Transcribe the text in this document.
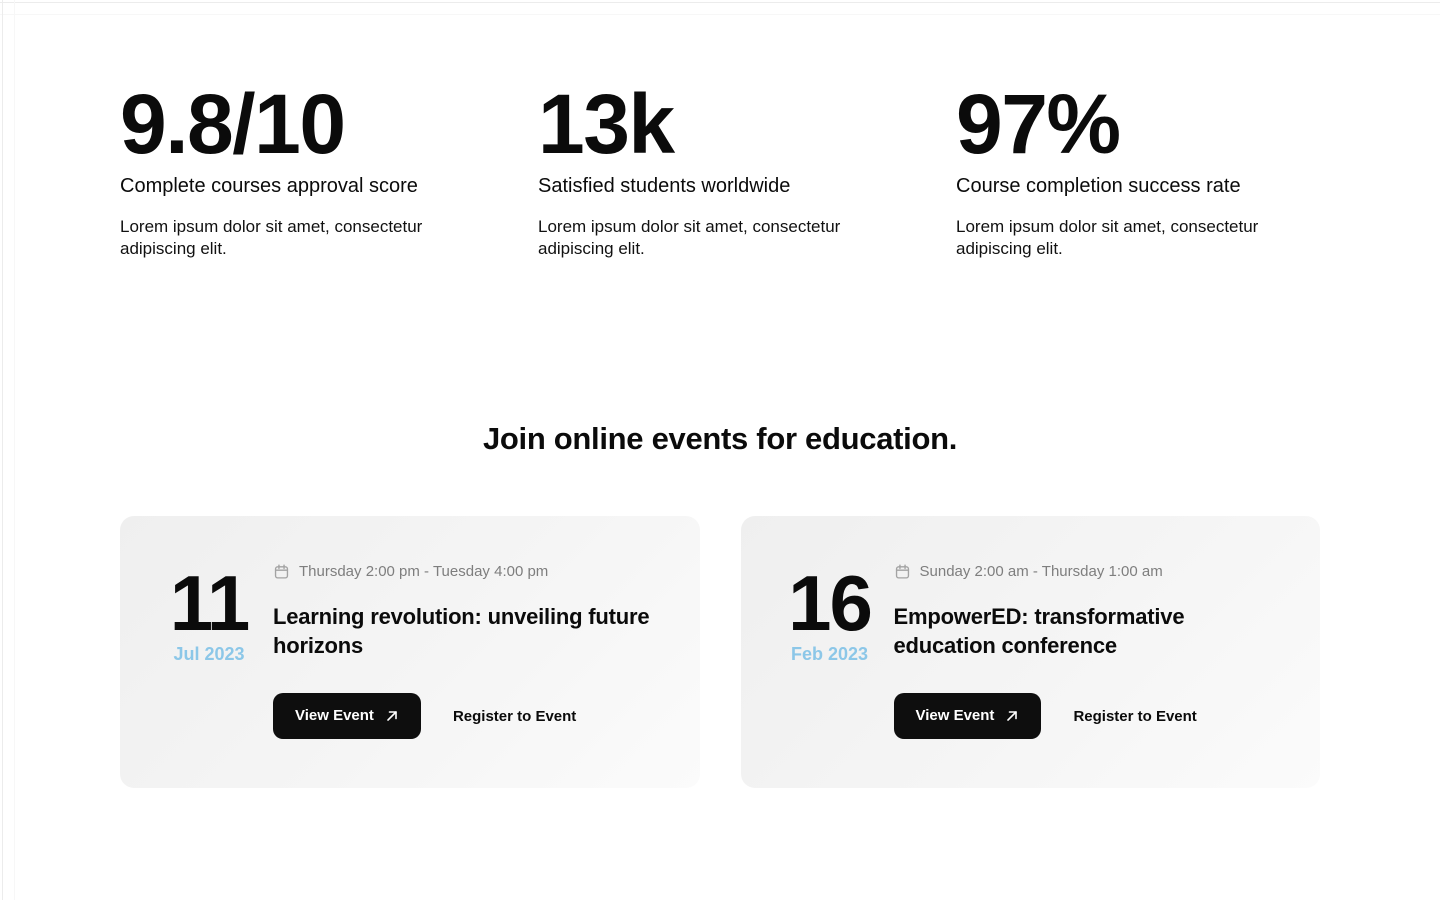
9.8/10
Complete courses approval score
Lorem ipsum dolor sit amet, consectetur adipiscing elit.
13k
Satisfied students worldwide
Lorem ipsum dolor sit amet, consectetur adipiscing elit.
97%
Course completion success rate
Lorem ipsum dolor sit amet, consectetur adipiscing elit.
Join online events for education.
11
Jul 2023
Thursday 2:00 pm - Tuesday 4:00 pm
Learning revolution: unveiling future horizons
View Event	Register to Event
16
Feb 2023
Sunday 2:00 am - Thursday 1:00 am
EmpowerED: transformative education conference
View Event	Register to Event
